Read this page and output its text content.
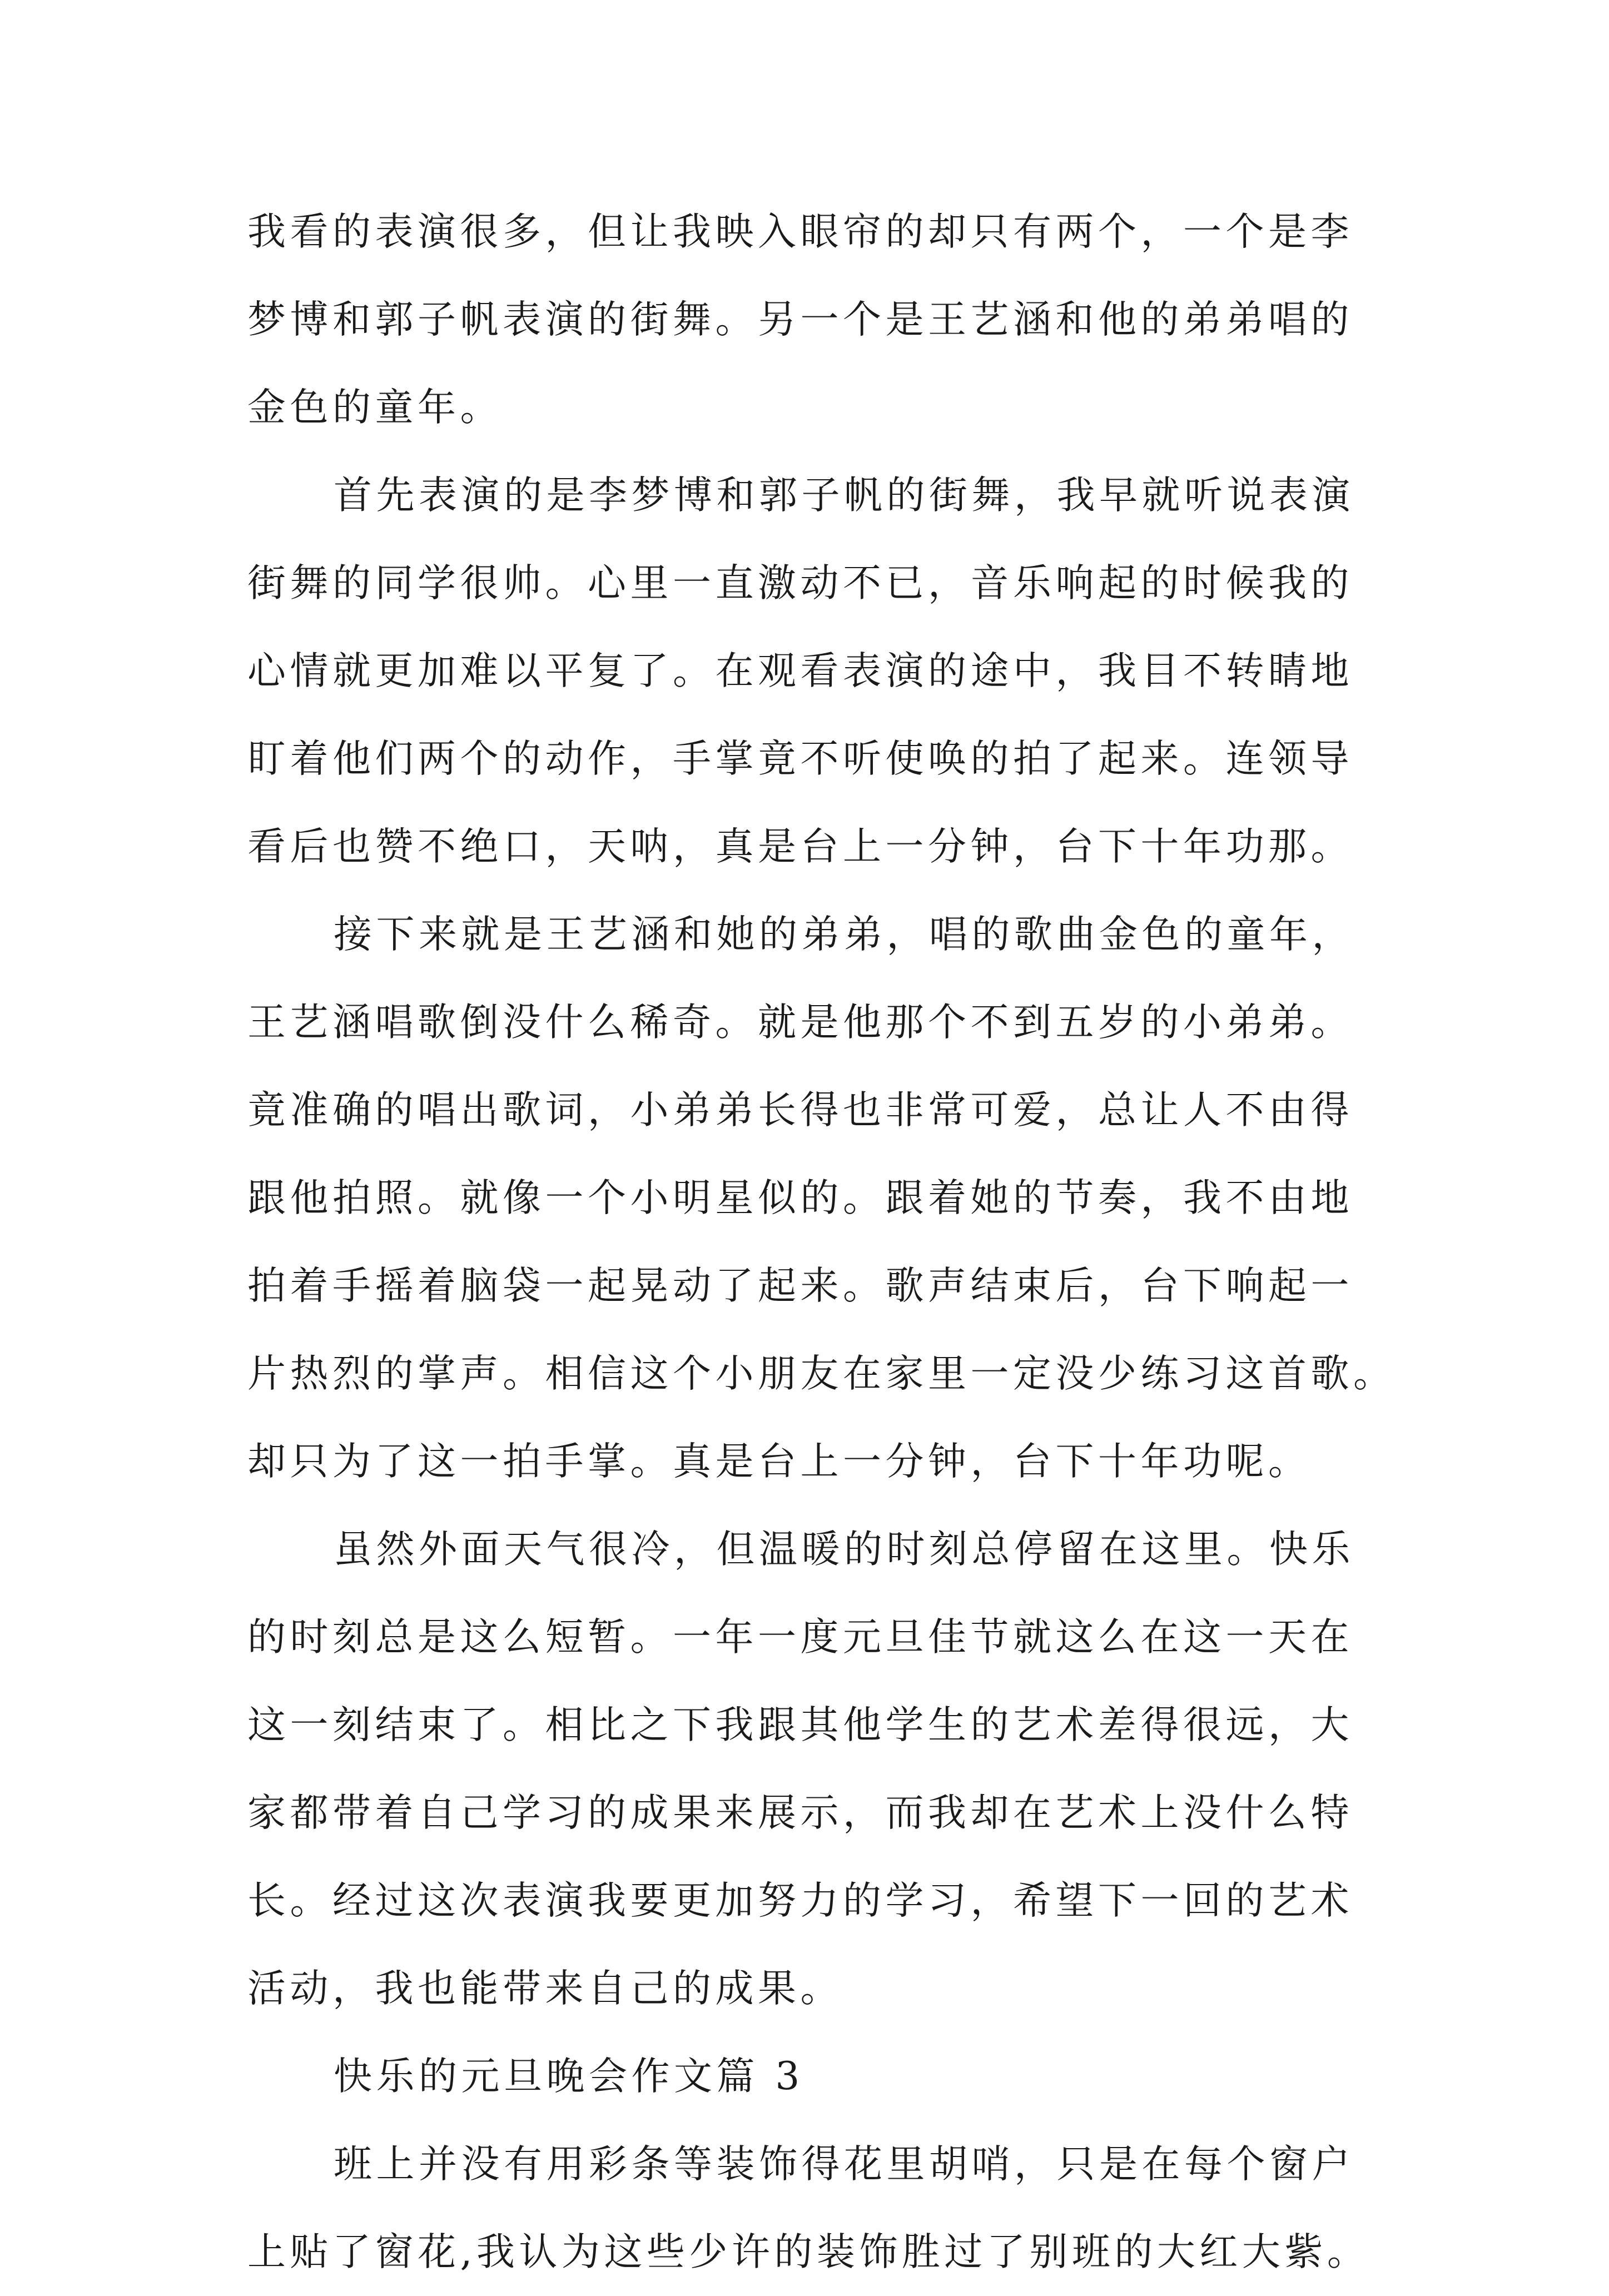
我看的表演很多，但让我映入眼帘的却只有两个，一个是李
梦博和郭子帆表演的街舞。另一个是王艺涵和他的弟弟唱的
金色的童年。
首先表演的是李梦博和郭子帆的街舞，我早就听说表演
街舞的同学很帅。心里一直激动不已，音乐响起的时候我的
心情就更加难以平复了。在观看表演的途中，我目不转睛地
盯着他们两个的动作，手掌竟不听使唤的拍了起来。连领导
看后也赞不绝口，天呐，真是台上一分钟，台下十年功那。
接下来就是王艺涵和她的弟弟，唱的歌曲金色的童年，
王艺涵唱歌倒没什么稀奇。就是他那个不到五岁的小弟弟。
竟准确的唱出歌词，小弟弟长得也非常可爱，总让人不由得
跟他拍照。就像一个小明星似的。跟着她的节奏，我不由地
拍着手摇着脑袋一起晃动了起来。歌声结束后，台下响起一
片热烈的掌声。相信这个小朋友在家里一定没少练习这首歌。
却只为了这一拍手掌。真是台上一分钟，台下十年功呢。
虽然外面天气很冷，但温暖的时刻总停留在这里。快乐
的时刻总是这么短暂。一年一度元旦佳节就这么在这一天在
这一刻结束了。相比之下我跟其他学生的艺术差得很远，大
家都带着自己学习的成果来展示，而我却在艺术上没什么特
长。经过这次表演我要更加努力的学习，希望下一回的艺术
活动，我也能带来自己的成果。
快乐的元旦晚会作文篇 3
班上并没有用彩条等装饰得花里胡哨，只是在每个窗户
上贴了窗花,我认为这些少许的装饰胜过了别班的大红大紫。
